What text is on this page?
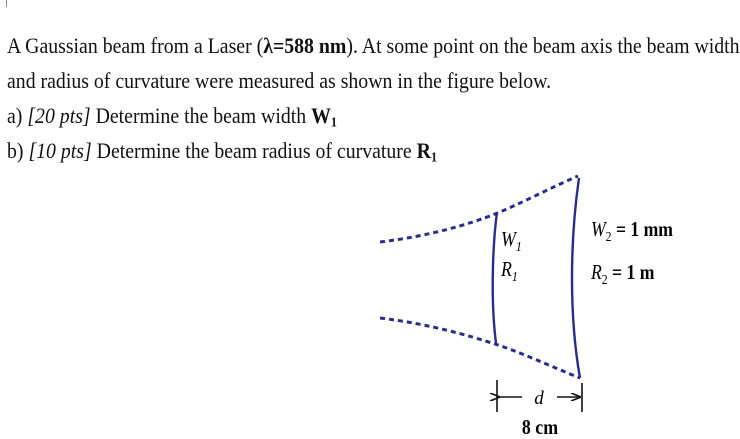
A Gaussian beam from a Laser (λ=588 nm). At some point on the beam axis the beam width
and radius of curvature were measured as shown in the figure below.
a) [20 pts] Determine the beam width $W_1$
b) [10 pts] Determine the beam radius of curvature $R_1$
$W_1$
$R_1$
$W_2 = 1$ mm
$R_2 = 1$ m
d
8 cm
